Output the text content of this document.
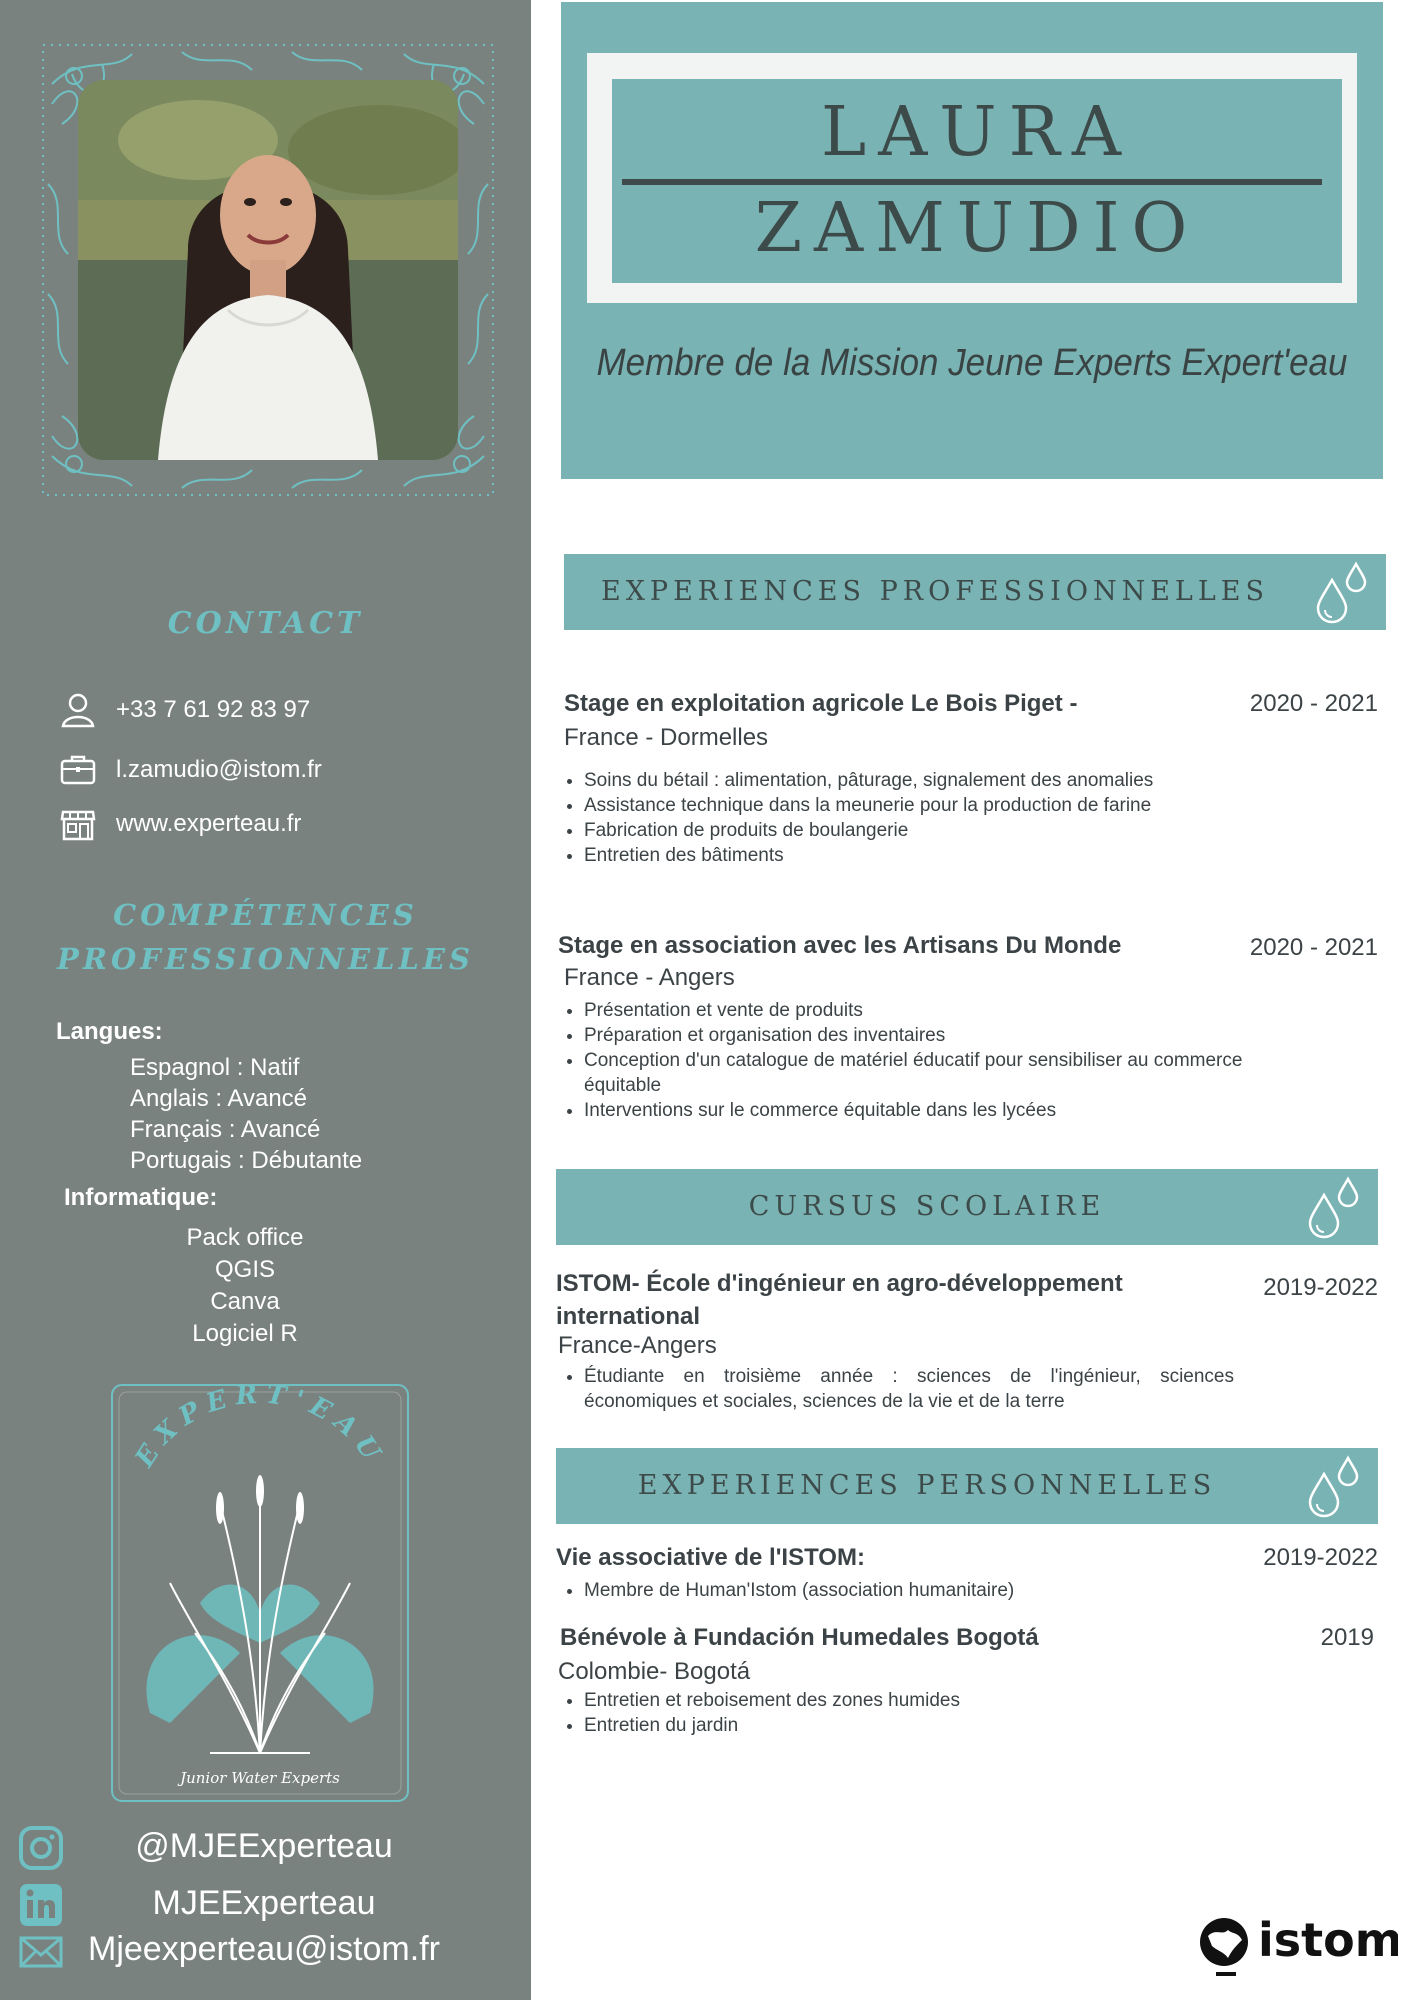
CONTACT
+33 7 61 92 83 97
l.zamudio@istom.fr
www.experteau.fr
COMPÉTENCES
PROFESSIONNELLES
Langues:
Espagnol : Natif
Anglais : Avancé
Français : Avancé
Portugais : Débutante
Informatique:
Pack office
QGIS
Canva
Logiciel R
EXPERT'EAU
Junior Water Experts
@MJEExperteau
MJEExperteau
Mjeexperteau@istom.fr
LAURA
ZAMUDIO
Membre de la Mission Jeune Experts Expert'eau
EXPERIENCES PROFESSIONNELLES
Stage en exploitation agricole Le Bois Piget -
France - Dormelles
2020 - 2021
• Soins du bétail : alimentation, pâturage, signalement des anomalies
• Assistance technique dans la meunerie pour la production de farine
• Fabrication de produits de boulangerie
• Entretien des bâtiments
Stage en association avec les Artisans Du Monde
France - Angers
2020 - 2021
• Présentation et vente de produits
• Préparation et organisation des inventaires
• Conception d'un catalogue de matériel éducatif pour sensibiliser au commerce équitable
• Interventions sur le commerce équitable dans les lycées
CURSUS SCOLAIRE
ISTOM- École d'ingénieur en agro-développement
international
France-Angers
2019-2022
• Étudiante en troisième année : sciences de l'ingénieur, sciences économiques et sociales, sciences de la vie et de la terre
EXPERIENCES PERSONNELLES
Vie associative de l'ISTOM:	2019-2022
• Membre de Human'Istom (association humanitaire)
Bénévole à Fundación Humedales Bogotá
Colombie- Bogotá
2019
• Entretien et reboisement des zones humides
• Entretien du jardin
istom
